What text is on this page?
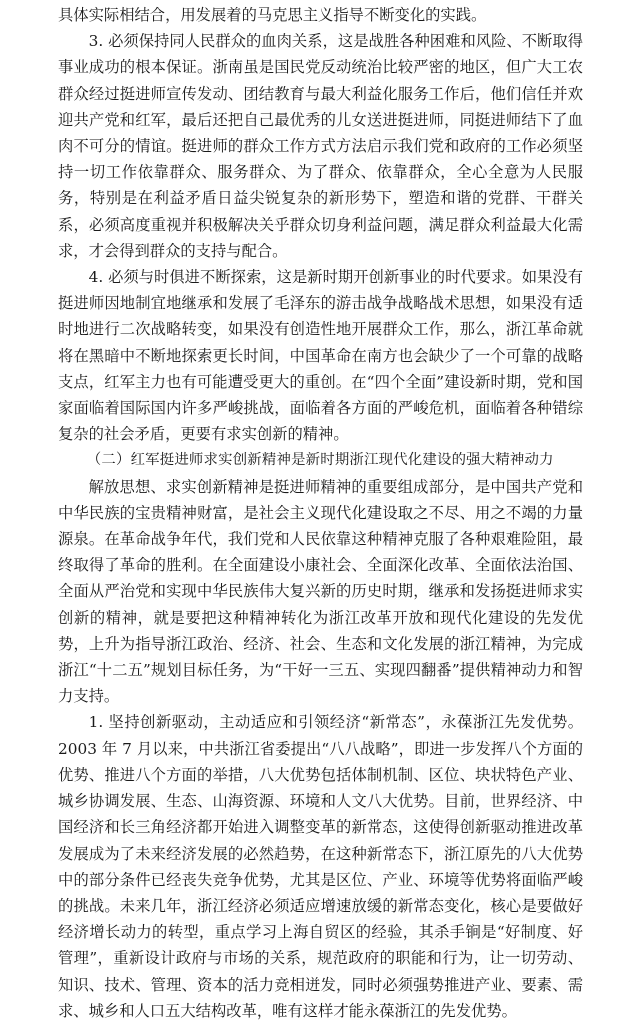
具体实际相结合，用发展着的马克思主义指导不断变化的实践。

3. 必须保持同人民群众的血肉关系，这是战胜各种困难和风险、不断取得事业成功的根本保证。浙南虽是国民党反动统治比较严密的地区，但广大工农群众经过挺进师宣传发动、团结教育与最大利益化服务工作后，他们信任并欢迎共产党和红军，最后还把自己最优秀的儿女送进挺进师，同挺进师结下了血肉不可分的情谊。挺进师的群众工作方式方法启示我们党和政府的工作必须坚持一切工作依靠群众、服务群众、为了群众、依靠群众，全心全意为人民服务，特别是在利益矛盾日益尖锐复杂的新形势下，塑造和谐的党群、干群关系，必须高度重视并积极解决关乎群众切身利益问题，满足群众利益最大化需求，才会得到群众的支持与配合。

4. 必须与时俱进不断探索，这是新时期开创新事业的时代要求。如果没有挺进师因地制宜地继承和发展了毛泽东的游击战争战略战术思想，如果没有适时地进行二次战略转变，如果没有创造性地开展群众工作，那么，浙江革命就将在黑暗中不断地探索更长时间，中国革命在南方也会缺少了一个可靠的战略支点，红军主力也有可能遭受更大的重创。在“四个全面”建设新时期，党和国家面临着国际国内许多严峻挑战，面临着各方面的严峻危机，面临着各种错综复杂的社会矛盾，更要有求实创新的精神。

（二）红军挺进师求实创新精神是新时期浙江现代化建设的强大精神动力

解放思想、求实创新精神是挺进师精神的重要组成部分，是中国共产党和中华民族的宝贵精神财富，是社会主义现代化建设取之不尽、用之不竭的力量源泉。在革命战争年代，我们党和人民依靠这种精神克服了各种艰难险阻，最终取得了革命的胜利。在全面建设小康社会、全面深化改革、全面依法治国、全面从严治党和实现中华民族伟大复兴新的历史时期，继承和发扬挺进师求实创新的精神，就是要把这种精神转化为浙江改革开放和现代化建设的先发优势，上升为指导浙江政治、经济、社会、生态和文化发展的浙江精神，为完成浙江“十二五”规划目标任务，为“干好一三五、实现四翻番”提供精神动力和智力支持。

1. 坚持创新驱动，主动适应和引领经济“新常态”，永葆浙江先发优势。2003 年 7 月以来，中共浙江省委提出“八八战略”，即进一步发挥八个方面的优势、推进八个方面的举措，八大优势包括体制机制、区位、块状特色产业、城乡协调发展、生态、山海资源、环境和人文八大优势。目前，世界经济、中国经济和长三角经济都开始进入调整变革的新常态，这使得创新驱动推进改革发展成为了未来经济发展的必然趋势，在这种新常态下，浙江原先的八大优势中的部分条件已经丧失竞争优势，尤其是区位、产业、环境等优势将面临严峻的挑战。未来几年，浙江经济必须适应增速放缓的新常态变化，核心是要做好经济增长动力的转型，重点学习上海自贸区的经验，其杀手锏是“好制度、好管理”，重新设计政府与市场的关系，规范政府的职能和行为，让一切劳动、知识、技术、管理、资本的活力竞相迸发，同时必须强势推进产业、要素、需求、城乡和人口五大结构改革，唯有这样才能永葆浙江的先发优势。
